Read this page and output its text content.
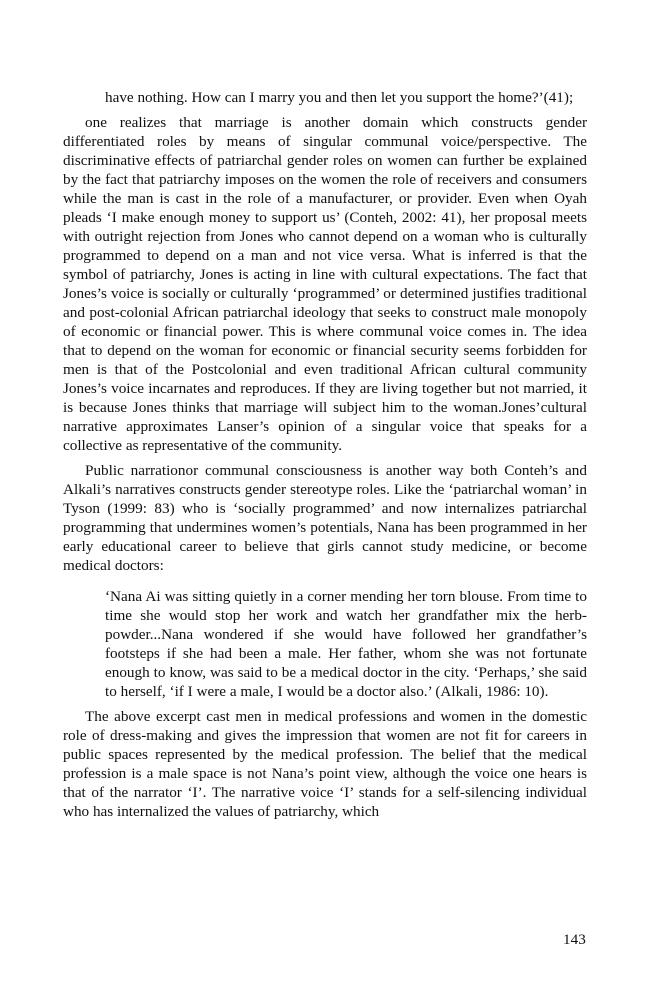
have nothing. How can I marry you and then let you support the home?’(41);

one realizes that marriage is another domain which constructs gender differentiated roles by means of singular communal voice/perspective. The discriminative effects of patriarchal gender roles on women can further be explained by the fact that patriarchy imposes on the women the role of receivers and consumers while the man is cast in the role of a manufacturer, or provider. Even when Oyah pleads ‘I make enough money to support us’ (Conteh, 2002: 41), her proposal meets with outright rejection from Jones who cannot depend on a woman who is culturally programmed to depend on a man and not vice versa. What is inferred is that the symbol of patriarchy, Jones is acting in line with cultural expectations. The fact that Jones’s voice is socially or culturally ‘programmed’ or determined justifies traditional and post-colonial African patriarchal ideology that seeks to construct male monopoly of economic or financial power. This is where communal voice comes in. The idea that to depend on the woman for economic or financial security seems forbidden for men is that of the Postcolonial and even traditional African cultural community Jones’s voice incarnates and reproduces. If they are living together but not married, it is because Jones thinks that marriage will subject him to the woman.Jones’cultural narrative approximates Lanser’s opinion of a singular voice that speaks for a collective as representative of the community.

Public narrationor communal consciousness is another way both Conteh’s and Alkali’s narratives constructs gender stereotype roles. Like the ‘patriarchal woman’ in Tyson (1999: 83) who is ‘socially programmed’ and now internalizes patriarchal programming that undermines women’s potentials, Nana has been programmed in her early educational career to believe that girls cannot study medicine, or become medical doctors:

‘Nana Ai was sitting quietly in a corner mending her torn blouse. From time to time she would stop her work and watch her grandfather mix the herb-powder...Nana wondered if she would have followed her grandfather’s footsteps if she had been a male. Her father, whom she was not fortunate enough to know, was said to be a medical doctor in the city. ‘Perhaps,’ she said to herself, ‘if I were a male, I would be a doctor also.’ (Alkali, 1986: 10).

The above excerpt cast men in medical professions and women in the domestic role of dress-making and gives the impression that women are not fit for careers in public spaces represented by the medical profession. The belief that the medical profession is a male space is not Nana’s point view, although the voice one hears is that of the narrator ‘I’. The narrative voice ‘I’ stands for a self-silencing individual who has internalized the values of patriarchy, which

143
